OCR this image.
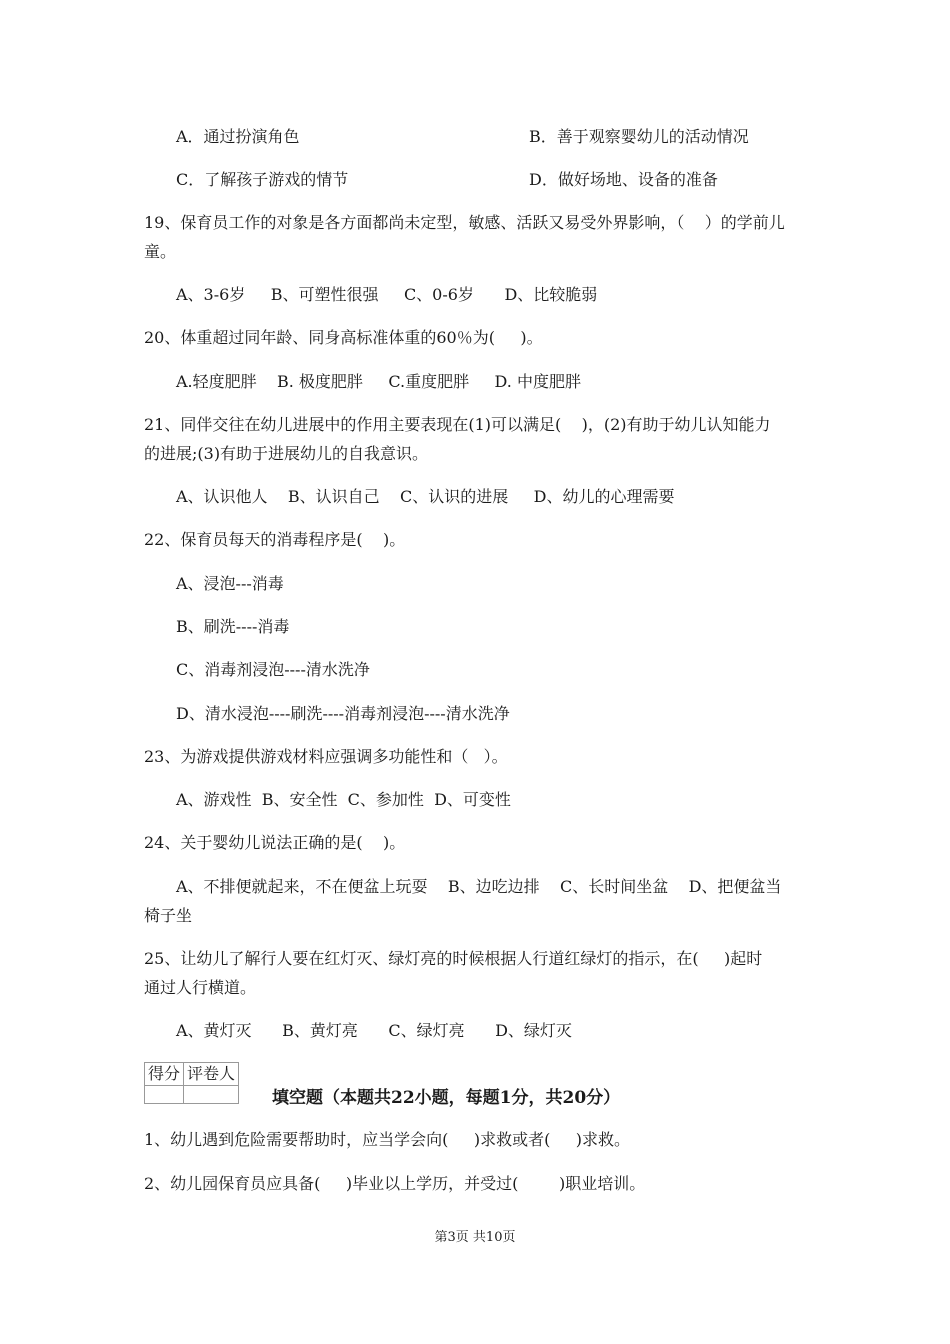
A．通过扮演角色	B．善于观察婴幼儿的活动情况
C．了解孩子游戏的情节	D．做好场地、设备的准备
19、保育员工作的对象是各方面都尚未定型，敏感、活跃又易受外界影响，（    ）的学前儿
童。
A、3-6岁     B、可塑性很强     C、0-6岁      D、比较脆弱
20、体重超过同年龄、同身高标准体重的60％为(     )。
A.轻度肥胖    B. 极度肥胖     C.重度肥胖     D. 中度肥胖
21、同伴交往在幼儿进展中的作用主要表现在(1)可以满足(    )，(2)有助于幼儿认知能力
的进展;(3)有助于进展幼儿的自我意识。
A、认识他人    B、认识自己    C、认识的进展     D、幼儿的心理需要
22、保育员每天的消毒程序是(    )。
A、浸泡---消毒
B、刷洗----消毒
C、消毒剂浸泡----清水洗净
D、清水浸泡----刷洗----消毒剂浸泡----清水洗净
23、为游戏提供游戏材料应强调多功能性和（   ）。
A、游戏性  B、安全性  C、参加性  D、可变性
24、关于婴幼儿说法正确的是(    )。
A、不排便就起来，不在便盆上玩耍    B、边吃边排    C、长时间坐盆    D、把便盆当
椅子坐
25、让幼儿了解行人要在红灯灭、绿灯亮的时候根据人行道红绿灯的指示，在(     )起时
通过人行横道。
A、黄灯灭      B、黄灯亮      C、绿灯亮      D、绿灯灭
得分	评卷人

填空题（本题共22小题，每题1分，共20分）
1、幼儿遇到危险需要帮助时，应当学会向(     )求救或者(     )求救。
2、幼儿园保育员应具备(     )毕业以上学历，并受过(        )职业培训。
第3页 共10页
